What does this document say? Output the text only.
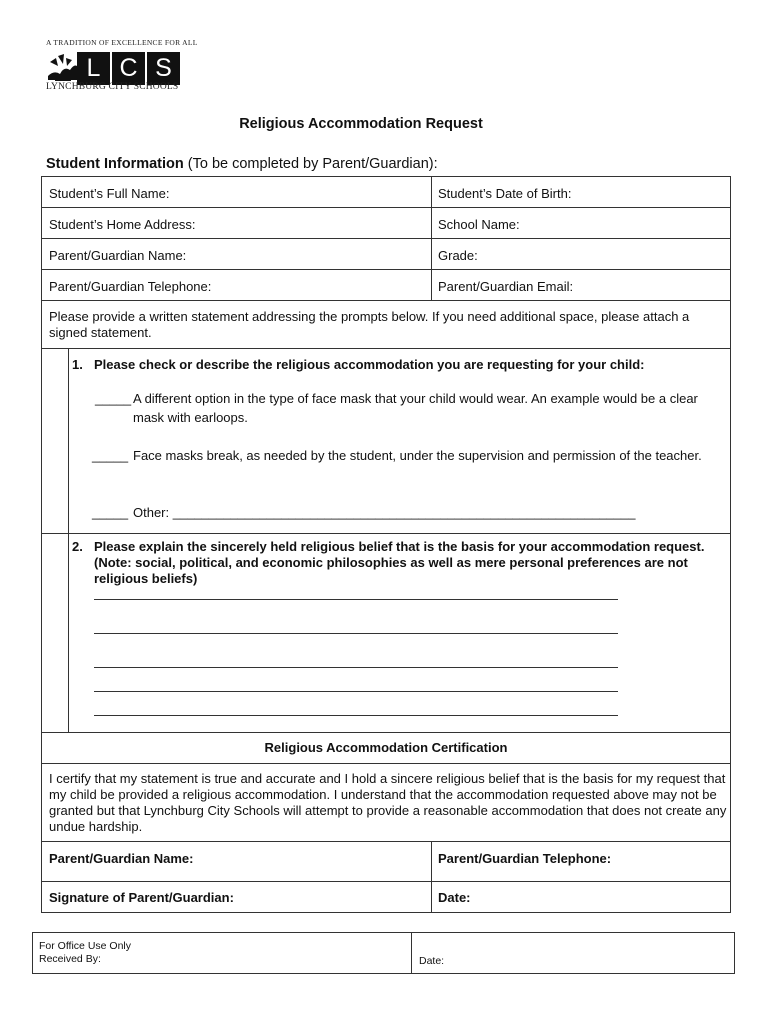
A TRADITION OF EXCELLENCE FOR ALL
L C S
LYNCHBURG CITY SCHOOLS
Religious Accommodation Request
Student Information (To be completed by Parent/Guardian):
Student’s Full Name:	Student’s Date of Birth:
Student’s Home Address:	School Name:
Parent/Guardian Name:	Grade:
Parent/Guardian Telephone:	Parent/Guardian Email:
Please provide a written statement addressing the prompts below. If you need additional space, please attach a signed statement.
1. Please check or describe the religious accommodation you are requesting for your child:
_____ A different option in the type of face mask that your child would wear. An example would be a clear mask with earloops.
_____ Face masks break, as needed by the student, under the supervision and permission of the teacher.
_____ Other: ________________________________________________________________
2. Please explain the sincerely held religious belief that is the basis for your accommodation request. (Note: social, political, and economic philosophies as well as mere personal preferences are not religious beliefs)
Religious Accommodation Certification
I certify that my statement is true and accurate and I hold a sincere religious belief that is the basis for my request that my child be provided a religious accommodation. I understand that the accommodation requested above may not be granted but that Lynchburg City Schools will attempt to provide a reasonable accommodation that does not create any undue hardship.
Parent/Guardian Name:	Parent/Guardian Telephone:
Signature of Parent/Guardian:	Date:
For Office Use Only
Received By:	Date:
